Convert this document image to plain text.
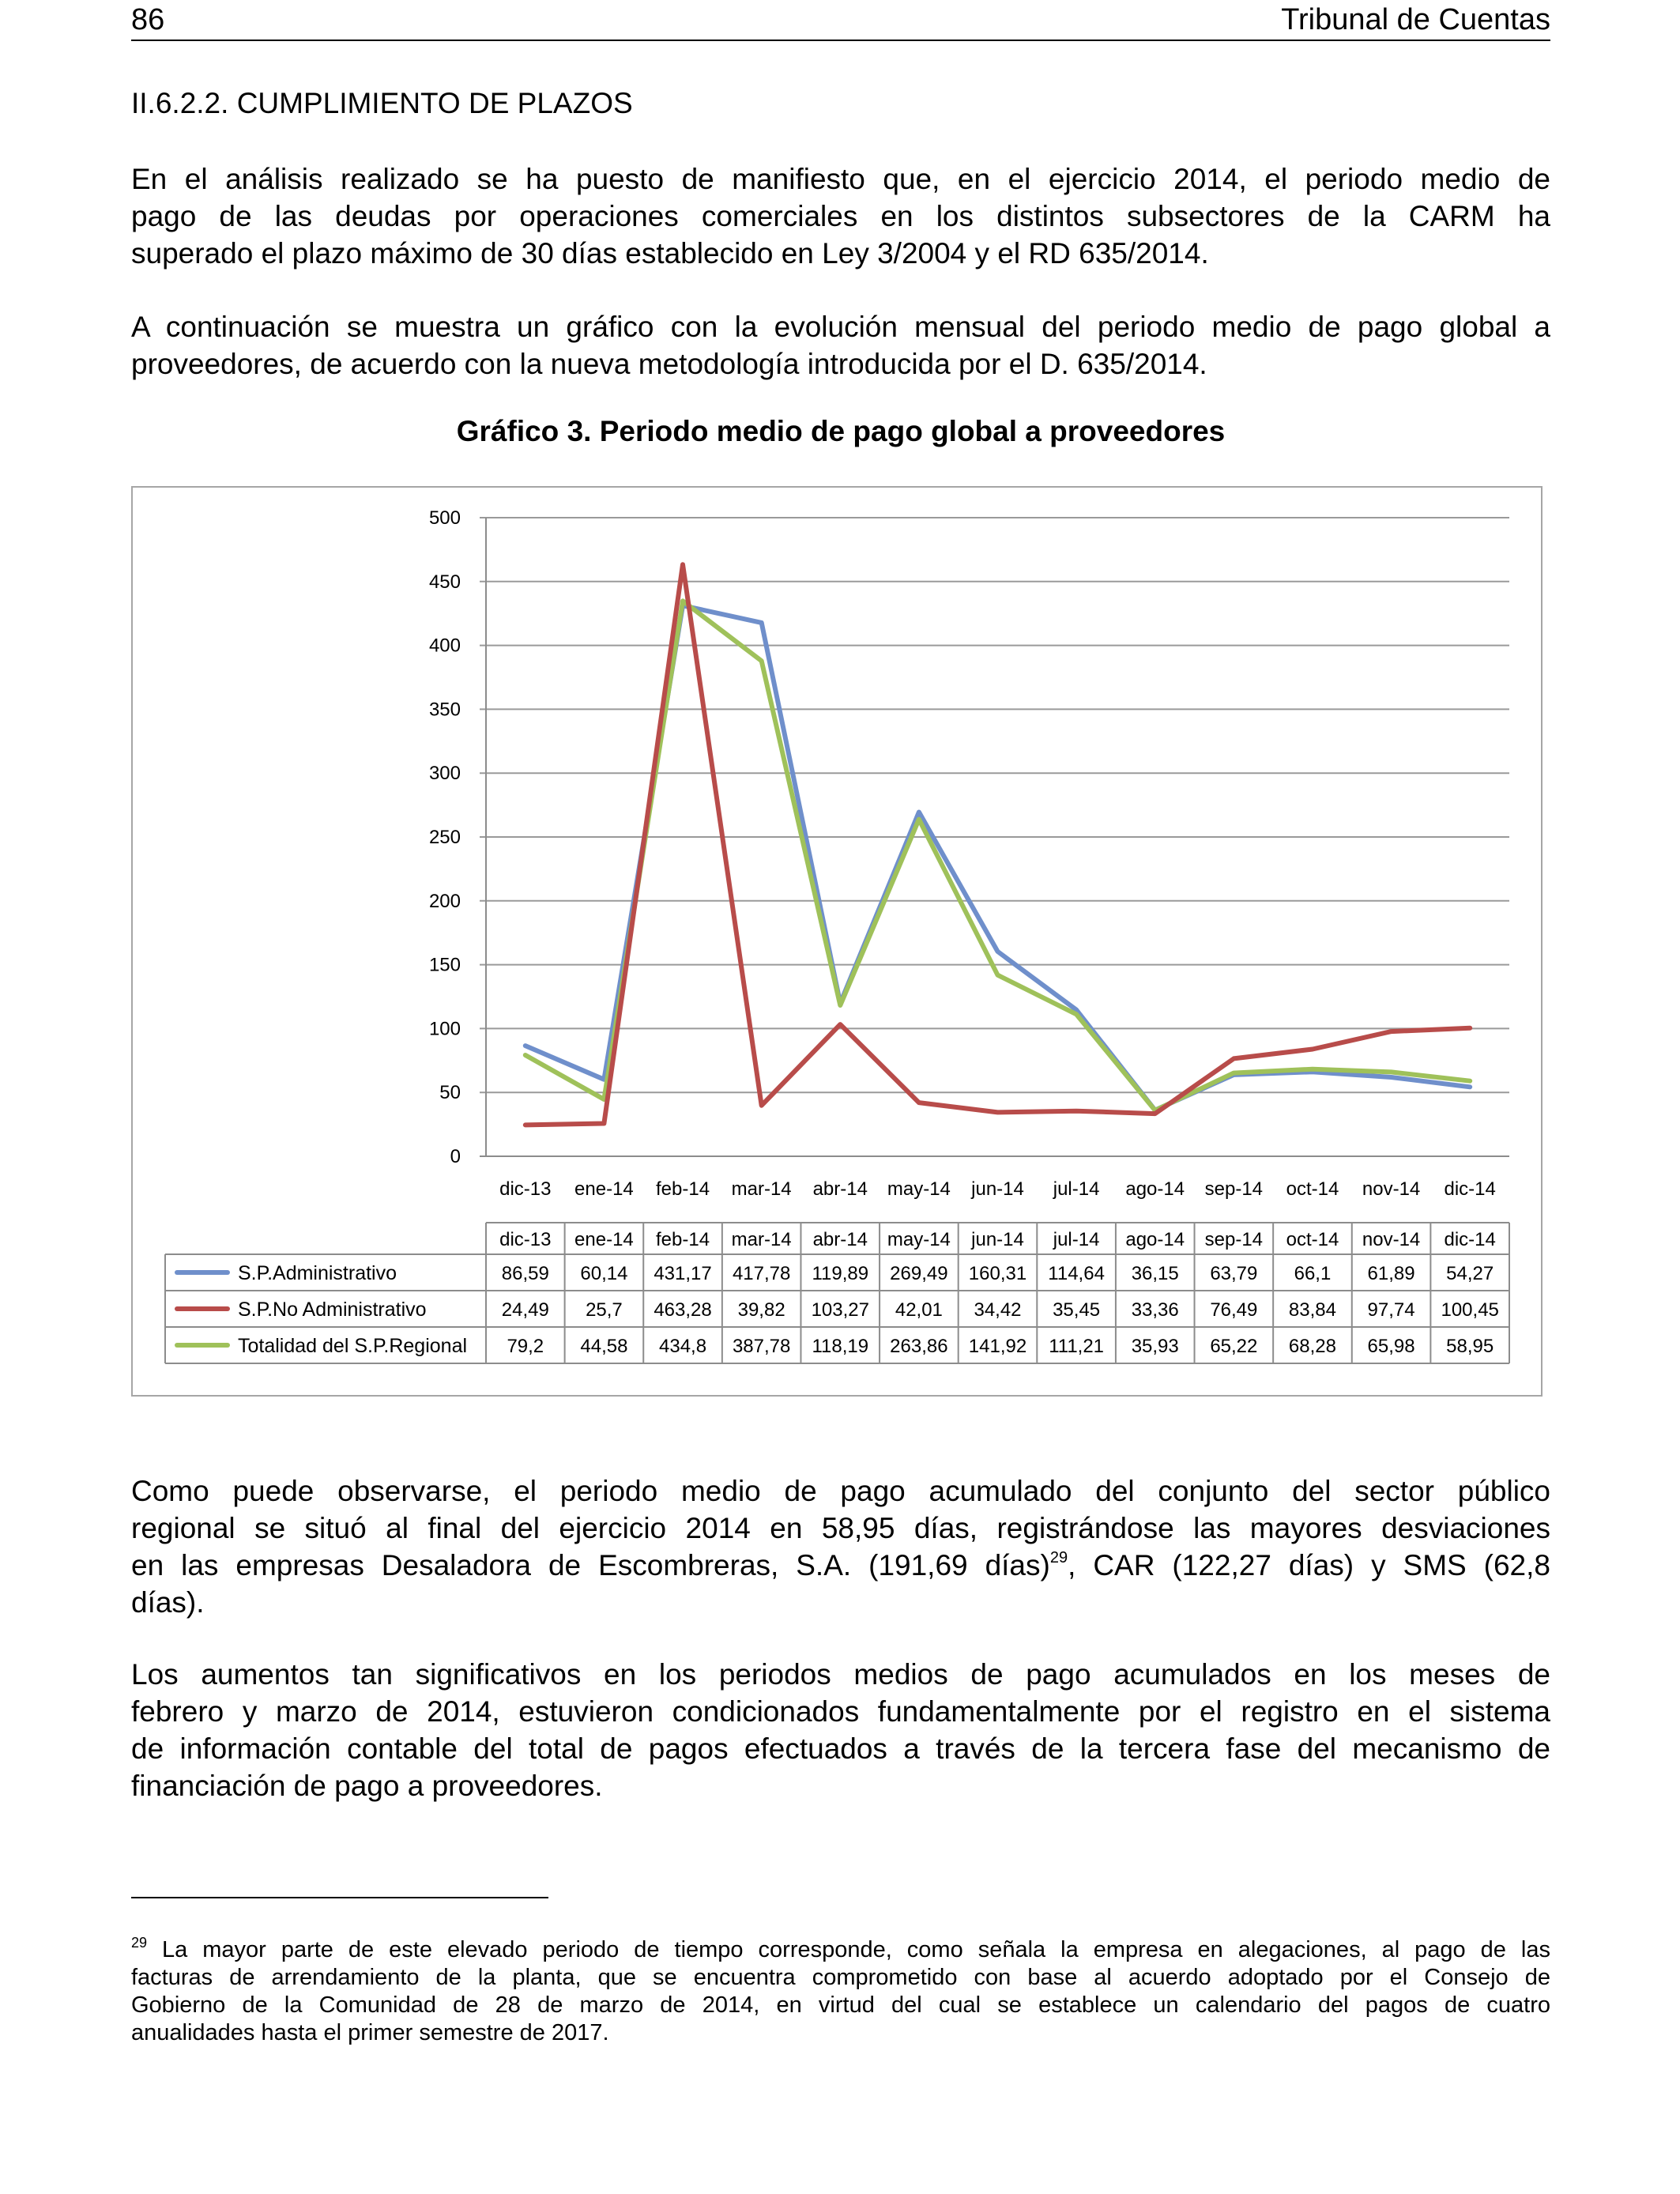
86	Tribunal de Cuentas
II.6.2.2. CUMPLIMIENTO DE PLAZOS
En el análisis realizado se ha puesto de manifiesto que, en el ejercicio 2014, el periodo medio de
pago de las deudas por operaciones comerciales en los distintos subsectores de la CARM ha
superado el plazo máximo de 30 días establecido en Ley 3/2004 y el RD 635/2014.
A continuación se muestra un gráfico con la evolución mensual del periodo medio de pago global a
proveedores, de acuerdo con la nueva metodología introducida por el D. 635/2014.
Gráfico 3. Periodo medio de pago global a proveedores
0
50
100
150
200
250
300
350
400
450
500
dic-13 ene-14 feb-14 mar-14 abr-14 may-14 jun-14 jul-14 ago-14 sep-14 oct-14 nov-14 dic-14
dic-13 ene-14 feb-14 mar-14 abr-14 may-14 jun-14 jul-14 ago-14 sep-14 oct-14 nov-14 dic-14
S.P.Administrativo	86,59 60,14 431,17 417,78 119,89 269,49 160,31 114,64 36,15 63,79 66,1 61,89 54,27
S.P.No Administrativo	24,49 25,7 463,28 39,82 103,27 42,01 34,42 35,45 33,36 76,49 83,84 97,74 100,45
Totalidad del S.P.Regional 79,2 44,58 434,8 387,78 118,19 263,86 141,92 111,21 35,93 65,22 68,28 65,98 58,95
Como puede observarse, el periodo medio de pago acumulado del conjunto del sector público
regional se situó al final del ejercicio 2014 en 58,95 días, registrándose las mayores desviaciones
en las empresas Desaladora de Escombreras, S.A. (191,69 días)$^{29}$, CAR (122,27 días) y SMS (62,8
días).
Los aumentos tan significativos en los periodos medios de pago acumulados en los meses de
febrero y marzo de 2014, estuvieron condicionados fundamentalmente por el registro en el sistema
de información contable del total de pagos efectuados a través de la tercera fase del mecanismo de
financiación de pago a proveedores.
$^{29}$ La mayor parte de este elevado periodo de tiempo corresponde, como señala la empresa en alegaciones, al pago de las
facturas de arrendamiento de la planta, que se encuentra comprometido con base al acuerdo adoptado por el Consejo de
Gobierno de la Comunidad de 28 de marzo de 2014, en virtud del cual se establece un calendario del pagos de cuatro
anualidades hasta el primer semestre de 2017.
